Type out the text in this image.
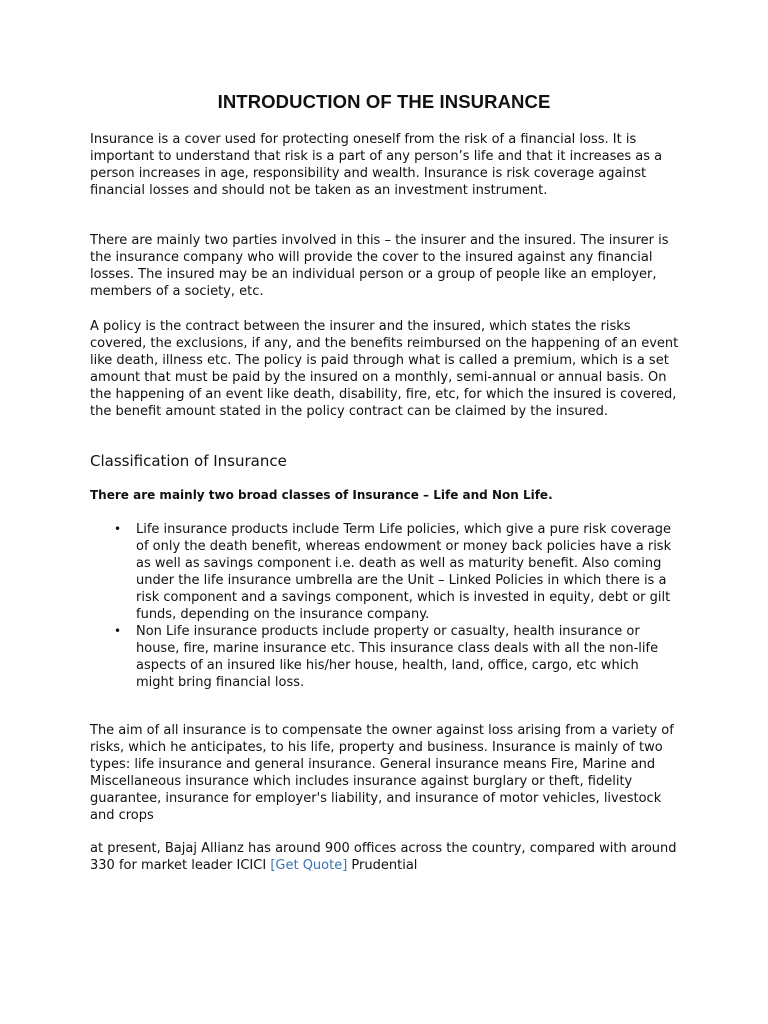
INTRODUCTION OF THE INSURANCE

Insurance is a cover used for protecting oneself from the risk of a financial loss. It is important to understand that risk is a part of any person’s life and that it increases as a person increases in age, responsibility and wealth. Insurance is risk coverage against financial losses and should not be taken as an investment instrument.

There are mainly two parties involved in this – the insurer and the insured. The insurer is the insurance company who will provide the cover to the insured against any financial losses. The insured may be an individual person or a group of people like an employer, members of a society, etc.

A policy is the contract between the insurer and the insured, which states the risks covered, the exclusions, if any, and the benefits reimbursed on the happening of an event like death, illness etc. The policy is paid through what is called a premium, which is a set amount that must be paid by the insured on a monthly, semi-annual or annual basis. On the happening of an event like death, disability, fire, etc, for which the insured is covered, the benefit amount stated in the policy contract can be claimed by the insured.

Classification of Insurance

There are mainly two broad classes of Insurance – Life and Non Life.

• Life insurance products include Term Life policies, which give a pure risk coverage of only the death benefit, whereas endowment or money back policies have a risk as well as savings component i.e. death as well as maturity benefit. Also coming under the life insurance umbrella are the Unit – Linked Policies in which there is a risk component and a savings component, which is invested in equity, debt or gilt funds, depending on the insurance company.
• Non Life insurance products include property or casualty, health insurance or house, fire, marine insurance etc. This insurance class deals with all the non-life aspects of an insured like his/her house, health, land, office, cargo, etc which might bring financial loss.

The aim of all insurance is to compensate the owner against loss arising from a variety of risks, which he anticipates, to his life, property and business. Insurance is mainly of two types: life insurance and general insurance. General insurance means Fire, Marine and Miscellaneous insurance which includes insurance against burglary or theft, fidelity guarantee, insurance for employer's liability, and insurance of motor vehicles, livestock and crops

at present, Bajaj Allianz has around 900 offices across the country, compared with around 330 for market leader ICICI [Get Quote] Prudential
